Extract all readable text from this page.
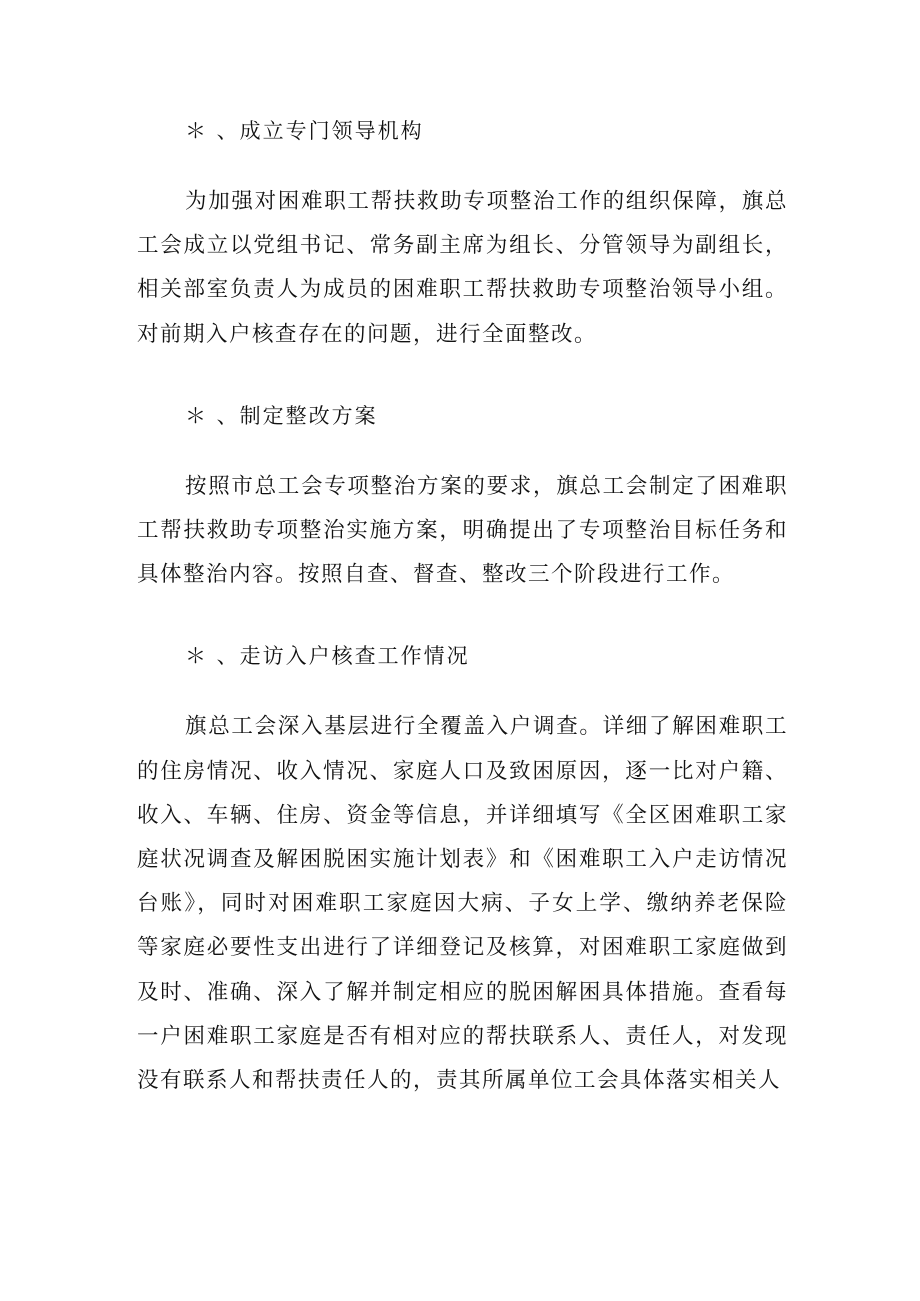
＊ 、成立专门领导机构

为加强对困难职工帮扶救助专项整治工作的组织保障，旗总工会成立以党组书记、常务副主席为组长、分管领导为副组长，相关部室负责人为成员的困难职工帮扶救助专项整治领导小组。对前期入户核查存在的问题，进行全面整改。

＊ 、制定整改方案

按照市总工会专项整治方案的要求，旗总工会制定了困难职工帮扶救助专项整治实施方案，明确提出了专项整治目标任务和具体整治内容。按照自查、督查、整改三个阶段进行工作。

＊ 、走访入户核查工作情况

旗总工会深入基层进行全覆盖入户调查。详细了解困难职工的住房情况、收入情况、家庭人口及致困原因，逐一比对户籍、收入、车辆、住房、资金等信息，并详细填写《全区困难职工家庭状况调查及解困脱困实施计划表》和《困难职工入户走访情况台账》，同时对困难职工家庭因大病、子女上学、缴纳养老保险等家庭必要性支出进行了详细登记及核算，对困难职工家庭做到及时、准确、深入了解并制定相应的脱困解困具体措施。查看每一户困难职工家庭是否有相对应的帮扶联系人、责任人，对发现没有联系人和帮扶责任人的，责其所属单位工会具体落实相关人
